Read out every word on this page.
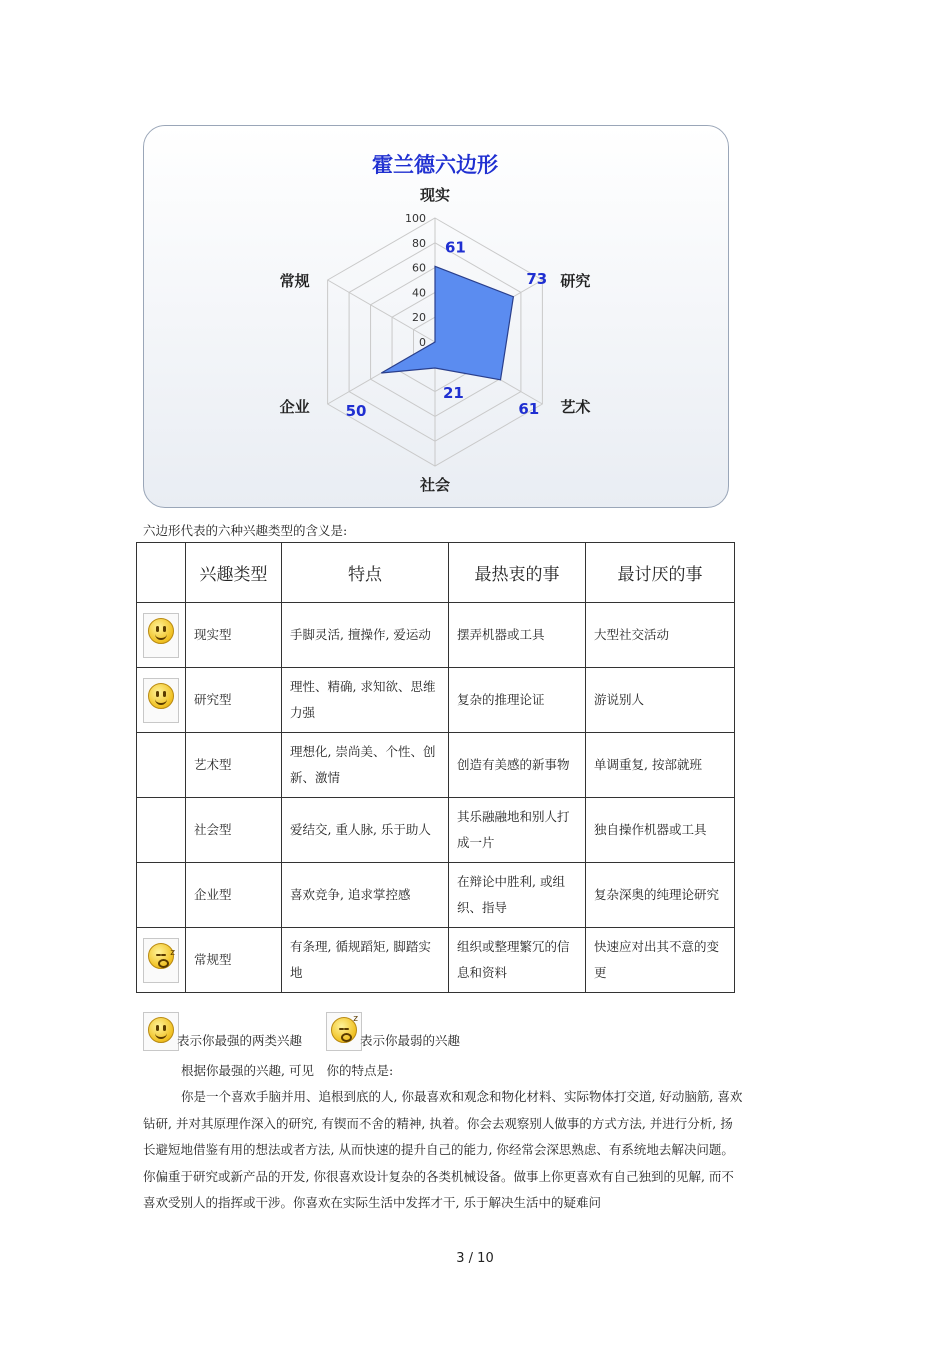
霍兰德六边形
100
80
60
40
20
0
现实
研究
艺术
社会
企业
常规
61
73
61
21
50
六边形代表的六种兴趣类型的含义是:
	兴趣类型	特点	最热衷的事	最讨厌的事

	现实型	手脚灵活, 擅操作, 爱运动	摆弄机器或工具	大型社交活动

	研究型	理性、精确, 求知欲、思维力强	复杂的推理论证	游说别人
	艺术型	理想化, 崇尚美、个性、创新、激情	创造有美感的新事物	单调重复, 按部就班
	社会型	爱结交, 重人脉, 乐于助人	其乐融融地和别人打成一片	独自操作机器或工具
	企业型	喜欢竞争, 追求掌控感	在辩论中胜利, 或组织、指导	复杂深奥的纯理论研究

z	常规型	有条理, 循规蹈矩, 脚踏实地	组织或整理繁冗的信息和资料	快速应对出其不意的变更
表示你最强的两类兴趣
z
表示你最弱的兴趣
根据你最强的兴趣, 可见　你的特点是:
你是一个喜欢手脑并用、追根到底的人, 你最喜欢和观念和物化材料、实际物体打交道, 好动脑筋, 喜欢钻研, 并对其原理作深入的研究, 有锲而不舍的精神, 执着。你会去观察别人做事的方式方法, 并进行分析, 扬长避短地借鉴有用的想法或者方法, 从而快速的提升自己的能力, 你经常会深思熟虑、有系统地去解决问题。你偏重于研究或新产品的开发, 你很喜欢设计复杂的各类机械设备。做事上你更喜欢有自己独到的见解, 而不喜欢受别人的指挥或干涉。你喜欢在实际生活中发挥才干, 乐于解决生活中的疑难问
3 / 10
